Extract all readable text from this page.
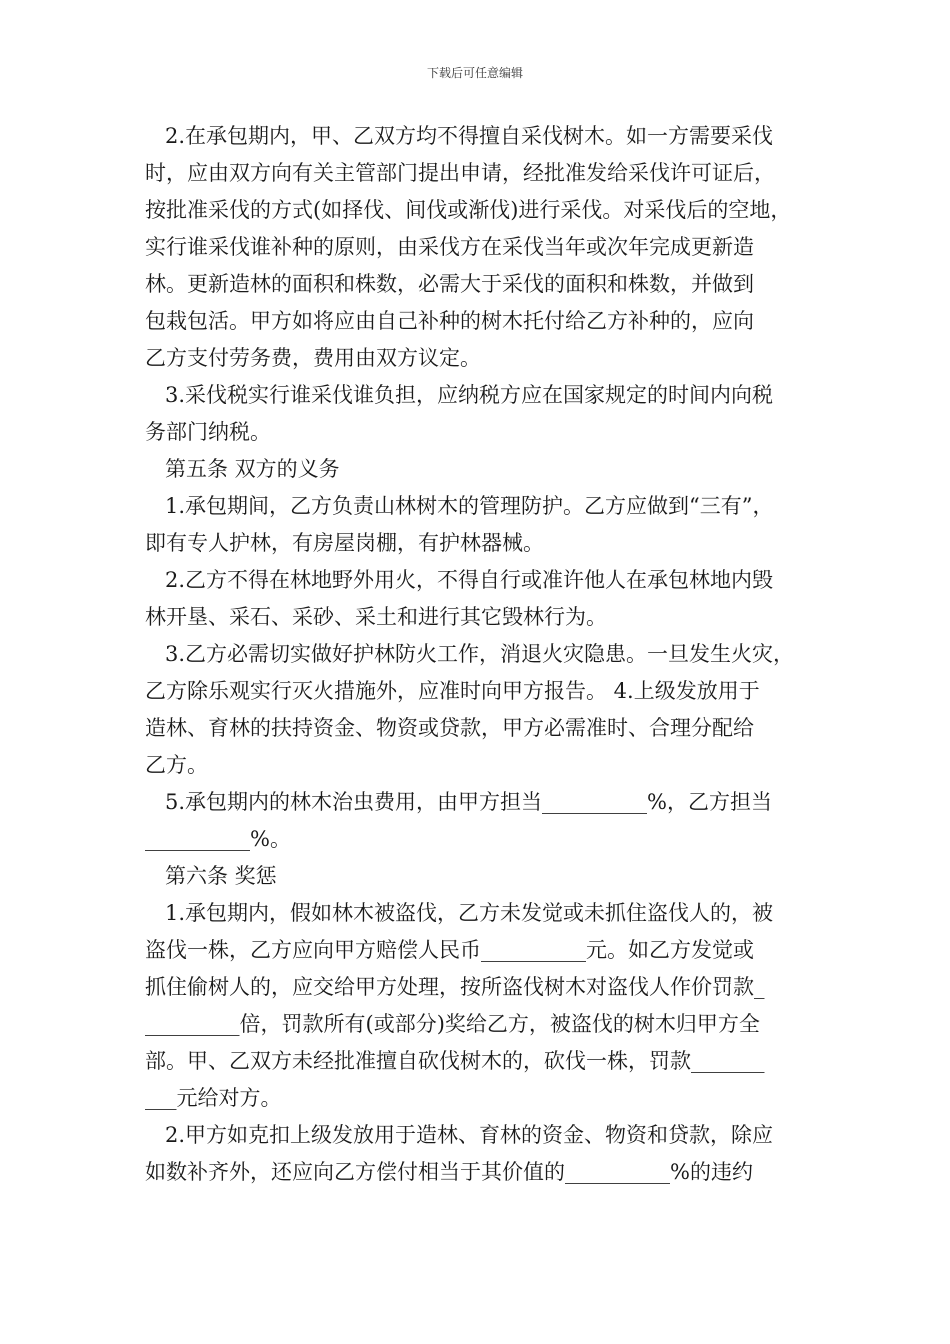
下载后可任意编辑
2.在承包期内，甲、乙双方均不得擅自采伐树木。如一方需要采伐
时，应由双方向有关主管部门提出申请，经批准发给采伐许可证后，
按批准采伐的方式(如择伐、间伐或渐伐)进行采伐。对采伐后的空地，
实行谁采伐谁补种的原则，由采伐方在采伐当年或次年完成更新造
林。更新造林的面积和株数，必需大于采伐的面积和株数，并做到
包栽包活。甲方如将应由自己补种的树木托付给乙方补种的，应向
乙方支付劳务费，费用由双方议定。
3.采伐税实行谁采伐谁负担，应纳税方应在国家规定的时间内向税
务部门纳税。
第五条 双方的义务
1.承包期间，乙方负责山林树木的管理防护。乙方应做到“三有”，
即有专人护林，有房屋岗棚，有护林器械。
2.乙方不得在林地野外用火，不得自行或准许他人在承包林地内毁
林开垦、采石、采砂、采土和进行其它毁林行为。
3.乙方必需切实做好护林防火工作，消退火灾隐患。一旦发生火灾，
乙方除乐观实行灭火措施外，应准时向甲方报告。 4.上级发放用于
造林、育林的扶持资金、物资或贷款，甲方必需准时、合理分配给
乙方。
5.承包期内的林木治虫费用，由甲方担当__________%，乙方担当
__________%。
第六条 奖惩
1.承包期内，假如林木被盗伐，乙方未发觉或未抓住盗伐人的，被
盗伐一株，乙方应向甲方赔偿人民币__________元。如乙方发觉或
抓住偷树人的，应交给甲方处理，按所盗伐树木对盗伐人作价罚款_
_________倍，罚款所有(或部分)奖给乙方，被盗伐的树木归甲方全
部。甲、乙双方未经批准擅自砍伐树木的，砍伐一株，罚款_______
___元给对方。
2.甲方如克扣上级发放用于造林、育林的资金、物资和贷款，除应
如数补齐外，还应向乙方偿付相当于其价值的__________%的违约
